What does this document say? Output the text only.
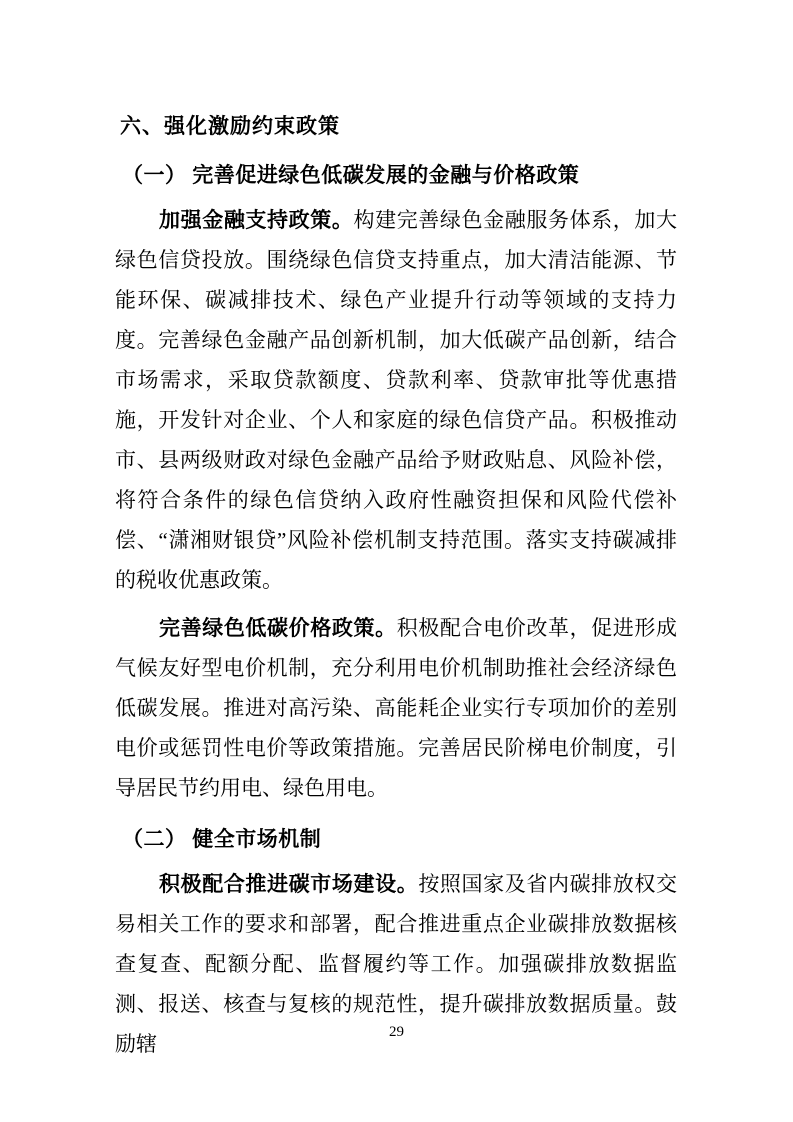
六、强化激励约束政策
（一） 完善促进绿色低碳发展的金融与价格政策

加强金融支持政策。构建完善绿色金融服务体系，加大绿色信贷投放。围绕绿色信贷支持重点，加大清洁能源、节能环保、碳减排技术、绿色产业提升行动等领域的支持力度。完善绿色金融产品创新机制，加大低碳产品创新，结合市场需求，采取贷款额度、贷款利率、贷款审批等优惠措施，开发针对企业、个人和家庭的绿色信贷产品。积极推动市、县两级财政对绿色金融产品给予财政贴息、风险补偿，将符合条件的绿色信贷纳入政府性融资担保和风险代偿补偿、“潇湘财银贷”风险补偿机制支持范围。落实支持碳减排的税收优惠政策。

完善绿色低碳价格政策。积极配合电价改革，促进形成气候友好型电价机制，充分利用电价机制助推社会经济绿色低碳发展。推进对高污染、高能耗企业实行专项加价的差别电价或惩罚性电价等政策措施。完善居民阶梯电价制度，引导居民节约用电、绿色用电。

（二） 健全市场机制

积极配合推进碳市场建设。按照国家及省内碳排放权交易相关工作的要求和部署，配合推进重点企业碳排放数据核查复查、配额分配、监督履约等工作。加强碳排放数据监测、报送、核查与复核的规范性，提升碳排放数据质量。鼓励辖	29
